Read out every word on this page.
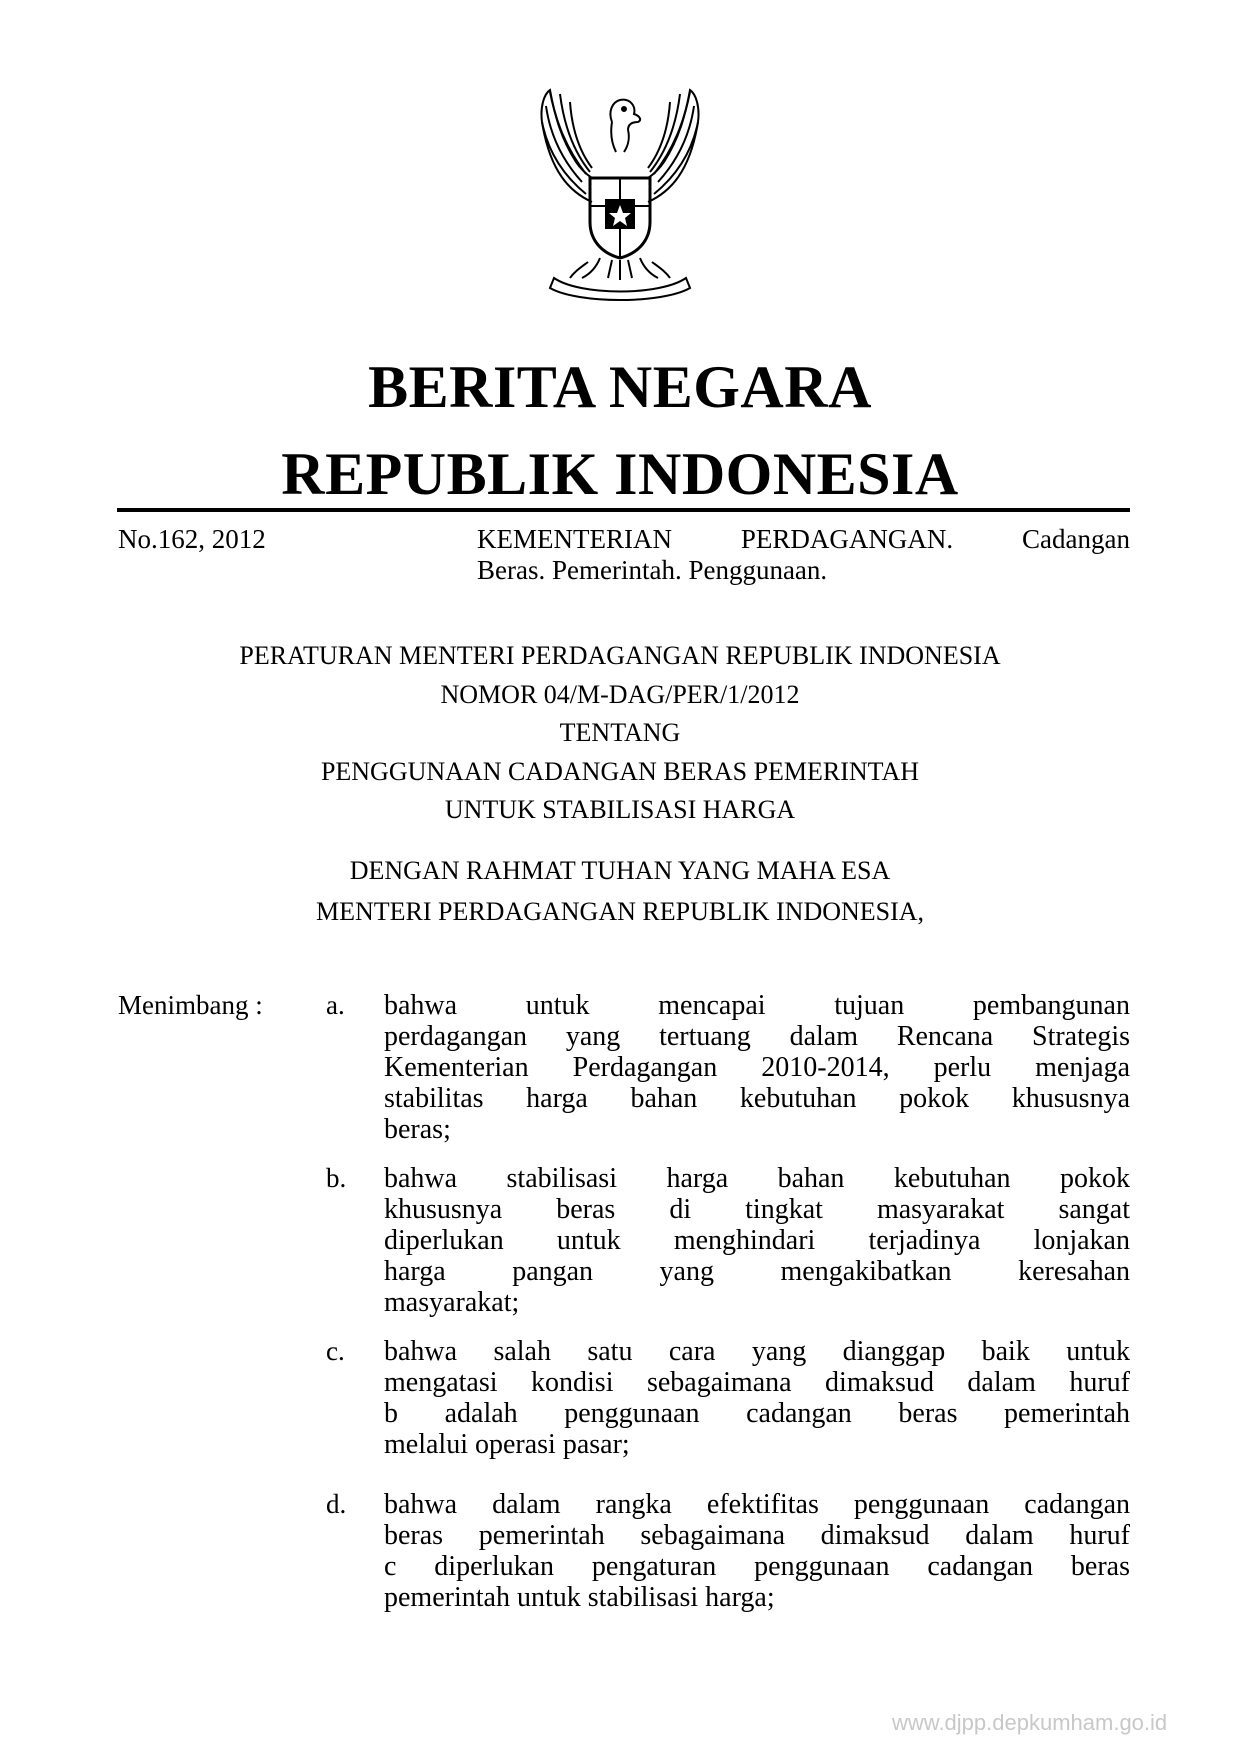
BERITA NEGARA
REPUBLIK INDONESIA
No.162, 2012	KEMENTERIAN PERDAGANGAN. Cadangan
Beras. Pemerintah. Penggunaan.
PERATURAN MENTERI PERDAGANGAN REPUBLIK INDONESIA
NOMOR 04/M-DAG/PER/1/2012
TENTANG
PENGGUNAAN CADANGAN BERAS PEMERINTAH
UNTUK STABILISASI HARGA
DENGAN RAHMAT TUHAN YANG MAHA ESA
MENTERI PERDAGANGAN REPUBLIK INDONESIA,
Menimbang : a. bahwa untuk mencapai tujuan pembangunan
perdagangan yang tertuang dalam Rencana Strategis
Kementerian Perdagangan 2010-2014, perlu menjaga
stabilitas harga bahan kebutuhan pokok khususnya
beras;
b. bahwa stabilisasi harga bahan kebutuhan pokok
khususnya beras di tingkat masyarakat sangat
diperlukan untuk menghindari terjadinya lonjakan
harga pangan yang mengakibatkan keresahan
masyarakat;
c. bahwa salah satu cara yang dianggap baik untuk
mengatasi kondisi sebagaimana dimaksud dalam huruf
b adalah penggunaan cadangan beras pemerintah
melalui operasi pasar;
d. bahwa dalam rangka efektifitas penggunaan cadangan
beras pemerintah sebagaimana dimaksud dalam huruf
c diperlukan pengaturan penggunaan cadangan beras
pemerintah untuk stabilisasi harga;
www.djpp.depkumham.go.id
